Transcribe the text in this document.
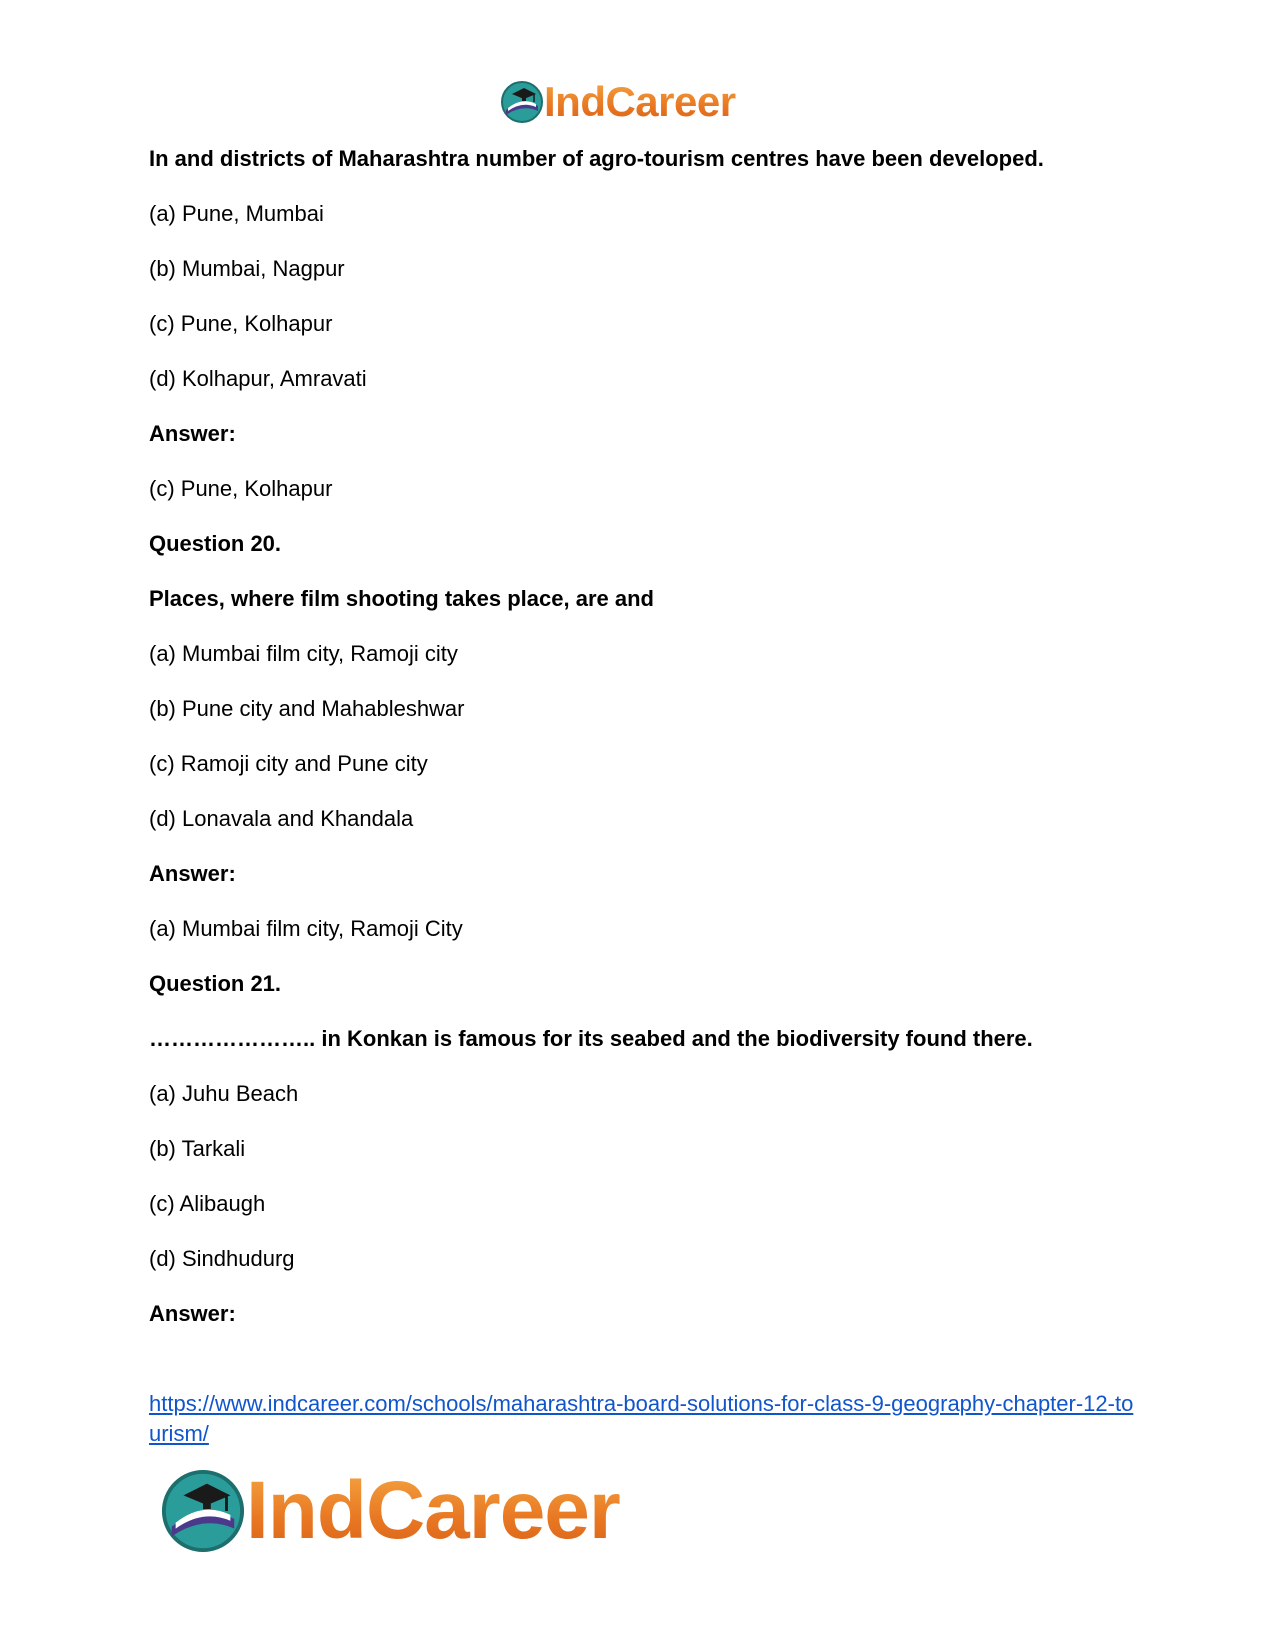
IndCareer
In and districts of Maharashtra number of agro-tourism centres have been developed.
(a) Pune, Mumbai
(b) Mumbai, Nagpur
(c) Pune, Kolhapur
(d) Kolhapur, Amravati
Answer:
(c) Pune, Kolhapur
Question 20.
Places, where film shooting takes place, are and
(a) Mumbai film city, Ramoji city
(b) Pune city and Mahableshwar
(c) Ramoji city and Pune city
(d) Lonavala and Khandala
Answer:
(a) Mumbai film city, Ramoji City
Question 21.
………………….. in Konkan is famous for its seabed and the biodiversity found there.
(a) Juhu Beach
(b) Tarkali
(c) Alibaugh
(d) Sindhudurg
Answer:
https://www.indcareer.com/schools/maharashtra-board-solutions-for-class-9-geography-chapter-12-tourism/
IndCareer
